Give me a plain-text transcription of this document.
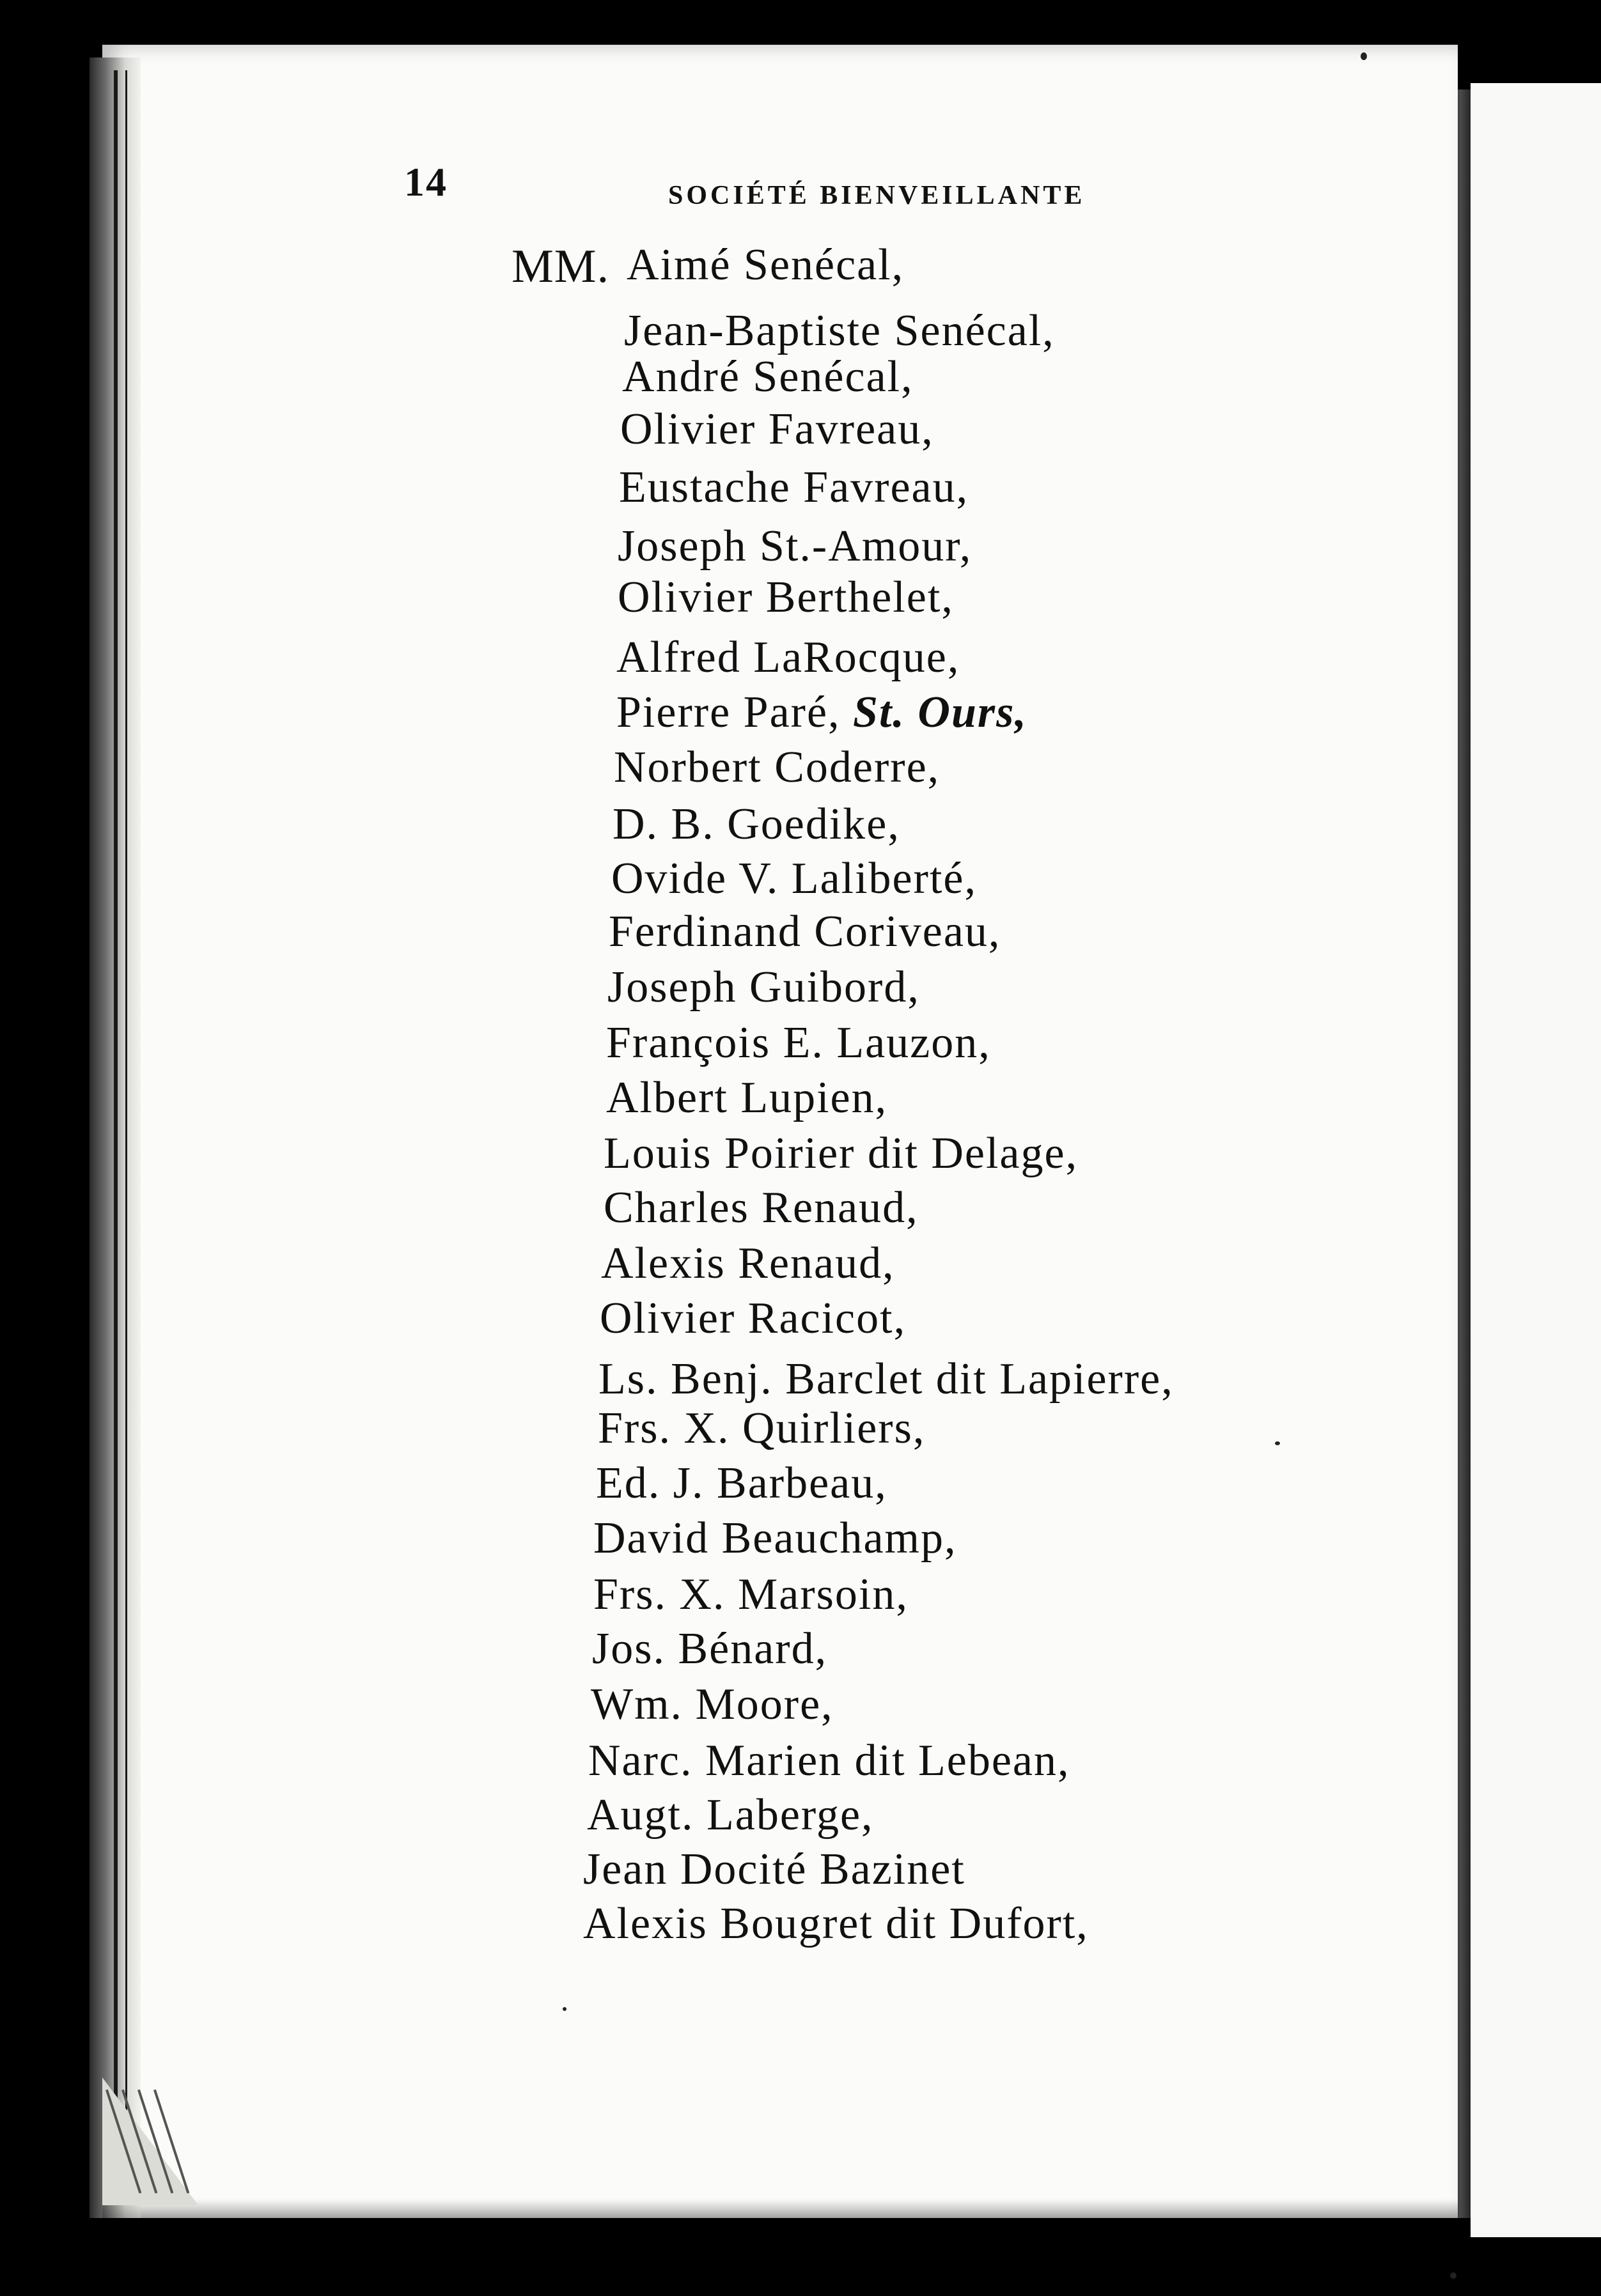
14	SOCIÉTÉ BIENVEILLANTE
MM. Aimé Senécal,
Jean-Baptiste Senécal,
André Senécal,
Olivier Favreau,
Eustache Favreau,
Joseph St.-Amour,
Olivier Berthelet,
Alfred LaRocque,
Pierre Paré, St. Ours,
Norbert Coderre,
D. B. Goedike,
Ovide V. Laliberté,
Ferdinand Coriveau,
Joseph Guibord,
François E. Lauzon,
Albert Lupien,
Louis Poirier dit Delage,
Charles Renaud,
Alexis Renaud,
Olivier Racicot,
Ls. Benj. Barclet dit Lapierre,
Frs. X. Quirliers,
Ed. J. Barbeau,
David Beauchamp,
Frs. X. Marsoin,
Jos. Bénard,
Wm. Moore,
Narc. Marien dit Lebean,
Augt. Laberge,
Jean Docité Bazinet
Alexis Bougret dit Dufort,
